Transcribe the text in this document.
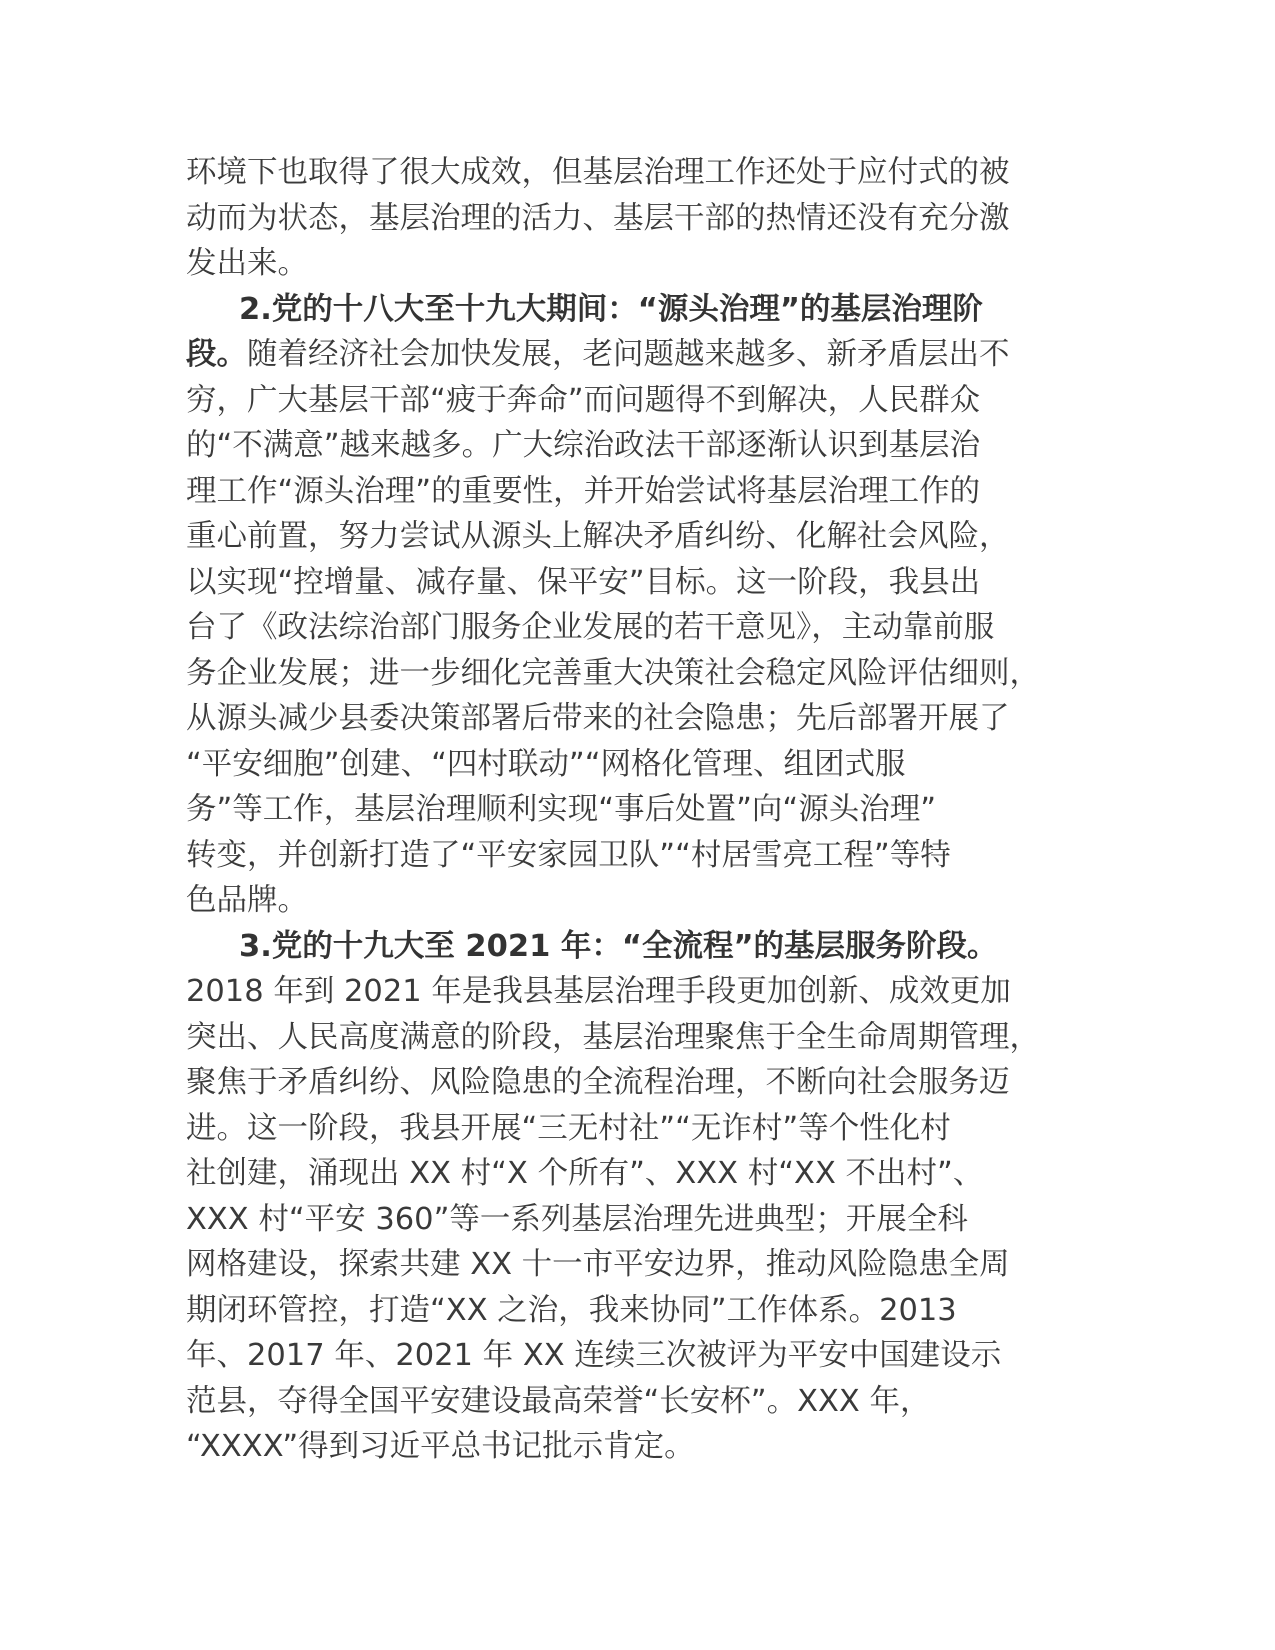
环境下也取得了很大成效，但基层治理工作还处于应付式的被
动而为状态，基层治理的活力、基层干部的热情还没有充分激
发出来。

2.党的十八大至十九大期间：“源头治理”的基层治理阶
段。随着经济社会加快发展，老问题越来越多、新矛盾层出不
穷，广大基层干部“疲于奔命”而问题得不到解决，人民群众
的“不满意”越来越多。广大综治政法干部逐渐认识到基层治
理工作“源头治理”的重要性，并开始尝试将基层治理工作的
重心前置，努力尝试从源头上解决矛盾纠纷、化解社会风险，
以实现“控增量、减存量、保平安”目标。这一阶段，我县出
台了《政法综治部门服务企业发展的若干意见》，主动靠前服
务企业发展；进一步细化完善重大决策社会稳定风险评估细则，
从源头减少县委决策部署后带来的社会隐患；先后部署开展了
“平安细胞”创建、“四村联动”“网格化管理、组团式服
务”等工作，基层治理顺利实现“事后处置”向“源头治理”
转变，并创新打造了“平安家园卫队”“村居雪亮工程”等特
色品牌。

3.党的十九大至 2021 年：“全流程”的基层服务阶段。
2018 年到 2021 年是我县基层治理手段更加创新、成效更加
突出、人民高度满意的阶段，基层治理聚焦于全生命周期管理，
聚焦于矛盾纠纷、风险隐患的全流程治理，不断向社会服务迈
进。这一阶段，我县开展“三无村社”“无诈村”等个性化村
社创建，涌现出 XX 村“X 个所有”、XXX 村“XX 不出村”、
XXX 村“平安 360”等一系列基层治理先进典型；开展全科
网格建设，探索共建 XX 十一市平安边界，推动风险隐患全周
期闭环管控，打造“XX 之治，我来协同”工作体系。2013
年、2017 年、2021 年 XX 连续三次被评为平安中国建设示
范县，夺得全国平安建设最高荣誉“长安杯”。XXX 年，
“XXXX”得到习近平总书记批示肯定。
